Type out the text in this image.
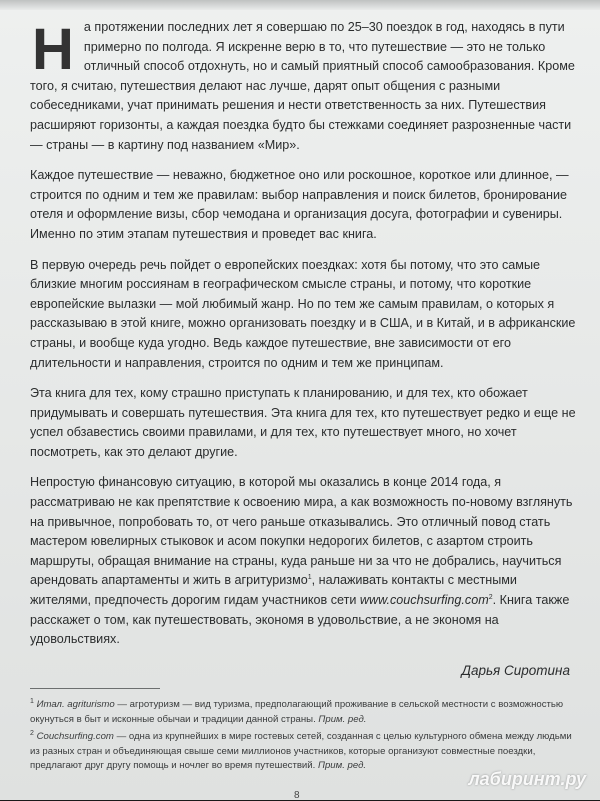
На протяжении последних лет я совершаю по 25–30 поездок в год, находясь в пути примерно по полгода. Я искренне верю в то, что путешествие — это не только отличный способ отдохнуть, но и самый приятный способ самообразования. Кроме того, я считаю, путешествия делают нас лучше, дарят опыт общения с разными собеседниками, учат принимать решения и нести ответственность за них. Путешествия расширяют горизонты, а каждая поездка будто бы стежками соединяет разрозненные части — страны — в картину под названием «Мир».

Каждое путешествие — неважно, бюджетное оно или роскошное, короткое или длинное, — строится по одним и тем же правилам: выбор направления и поиск билетов, бронирование отеля и оформление визы, сбор чемодана и организация досуга, фотографии и сувениры. Именно по этим этапам путешествия и проведет вас книга.

В первую очередь речь пойдет о европейских поездках: хотя бы потому, что это самые близкие многим россиянам в географическом смысле страны, и потому, что короткие европейские вылазки — мой любимый жанр. Но по тем же самым правилам, о которых я рассказываю в этой книге, можно организовать поездку и в США, и в Китай, и в африканские страны, и вообще куда угодно. Ведь каждое путешествие, вне зависимости от его длительности и направления, строится по одним и тем же принципам.

Эта книга для тех, кому страшно приступать к планированию, и для тех, кто обожает придумывать и совершать путешествия. Эта книга для тех, кто путешествует редко и еще не успел обзавестись своими правилами, и для тех, кто путешествует много, но хочет посмотреть, как это делают другие.

Непростую финансовую ситуацию, в которой мы оказались в конце 2014 года, я рассматриваю не как препятствие к освоению мира, а как возможность по-новому взглянуть на привычное, попробовать то, от чего раньше отказывались. Это отличный повод стать мастером ювелирных стыковок и асом покупки недорогих билетов, с азартом строить маршруты, обращая внимание на страны, куда раньше ни за что не добрались, научиться арендовать апартаменты и жить в агритуризмо$^1$, налаживать контакты с местными жителями, предпочесть дорогим гидам участников сети www.couchsurfing.com$^2$. Книга также расскажет о том, как путешествовать, экономя в удовольствие, а не экономя на удовольствиях.

Дарья Сиротина
$^1$ Итал. agriturismo — агротуризм — вид туризма, предполагающий проживание в сельской местности с возможностью окунуться в быт и исконные обычаи и традиции данной страны. Прим. ред.
$^2$ Couchsurfing.com — одна из крупнейших в мире гостевых сетей, созданная с целью культурного обмена между людьми из разных стран и объединяющая свыше семи миллионов участников, которые организуют совместные поездки, предлагают друг другу помощь и ночлег во время путешествий. Прим. ред.
8
лабиринт.ру
